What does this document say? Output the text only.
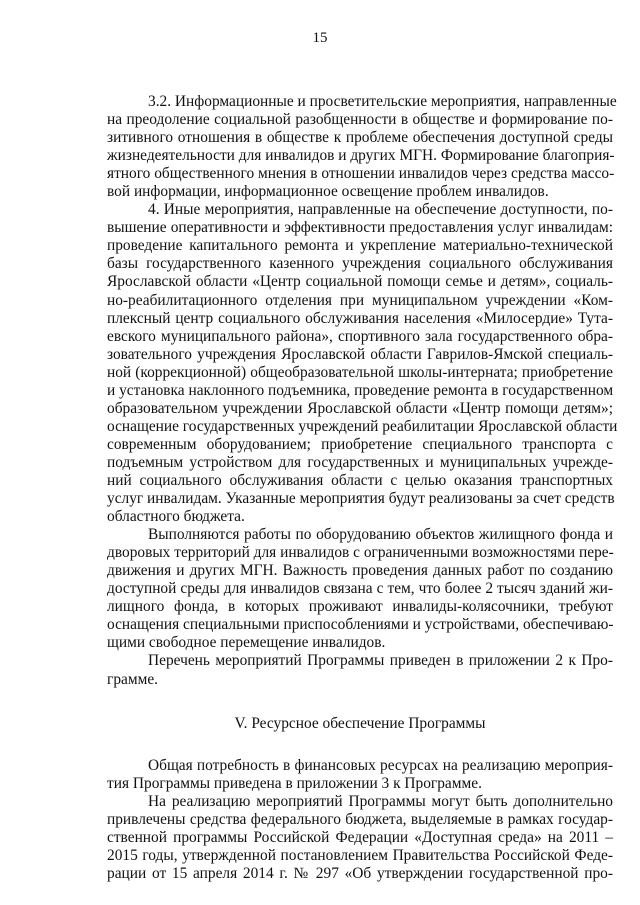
15
3.2. Информационные и просветительские мероприятия, направленные
на преодоление социальной разобщенности в обществе и формирование по-
зитивного отношения в обществе к проблеме обеспечения доступной среды
жизнедеятельности для инвалидов и других МГН. Формирование благоприя-
ятного общественного мнения в отношении инвалидов через средства массо-
вой информации, информационное освещение проблем инвалидов.
4. Иные мероприятия, направленные на обеспечение доступности, по-
вышение оперативности и эффективности предоставления услуг инвалидам:
проведение капитального ремонта и укрепление материально-технической
базы государственного казенного учреждения социального обслуживания
Ярославской области «Центр социальной помощи семье и детям», социаль-
но-реабилитационного отделения при муниципальном учреждении «Ком-
плексный центр социального обслуживания населения «Милосердие» Тута-
евского муниципального района», спортивного зала государственного обра-
зовательного учреждения Ярославской области Гаврилов-Ямской специаль-
ной (коррекционной) общеобразовательной школы-интерната; приобретение
и установка наклонного подъемника, проведение ремонта в государственном
образовательном учреждении Ярославской области «Центр помощи детям»;
оснащение государственных учреждений реабилитации Ярославской области
современным оборудованием; приобретение специального транспорта с
подъемным устройством для государственных и муниципальных учрежде-
ний социального обслуживания области с целью оказания транспортных
услуг инвалидам. Указанные мероприятия будут реализованы за счет средств
областного бюджета.
Выполняются работы по оборудованию объектов жилищного фонда и
дворовых территорий для инвалидов с ограниченными возможностями пере-
движения и других МГН. Важность проведения данных работ по созданию
доступной среды для инвалидов связана с тем, что более 2 тысяч зданий жи-
лищного фонда, в которых проживают инвалиды-колясочники, требуют
оснащения специальными приспособлениями и устройствами, обеспечиваю-
щими свободное перемещение инвалидов.
Перечень мероприятий Программы приведен в приложении 2 к Про-
грамме.
V. Ресурсное обеспечение Программы
Общая потребность в финансовых ресурсах на реализацию мероприя-
тия Программы приведена в приложении 3 к Программе.
На реализацию мероприятий Программы могут быть дополнительно
привлечены средства федерального бюджета, выделяемые в рамках государ-
ственной программы Российской Федерации «Доступная среда» на 2011 –
2015 годы, утвержденной постановлением Правительства Российской Феде-
рации от 15 апреля 2014 г. № 297 «Об утверждении государственной про-
